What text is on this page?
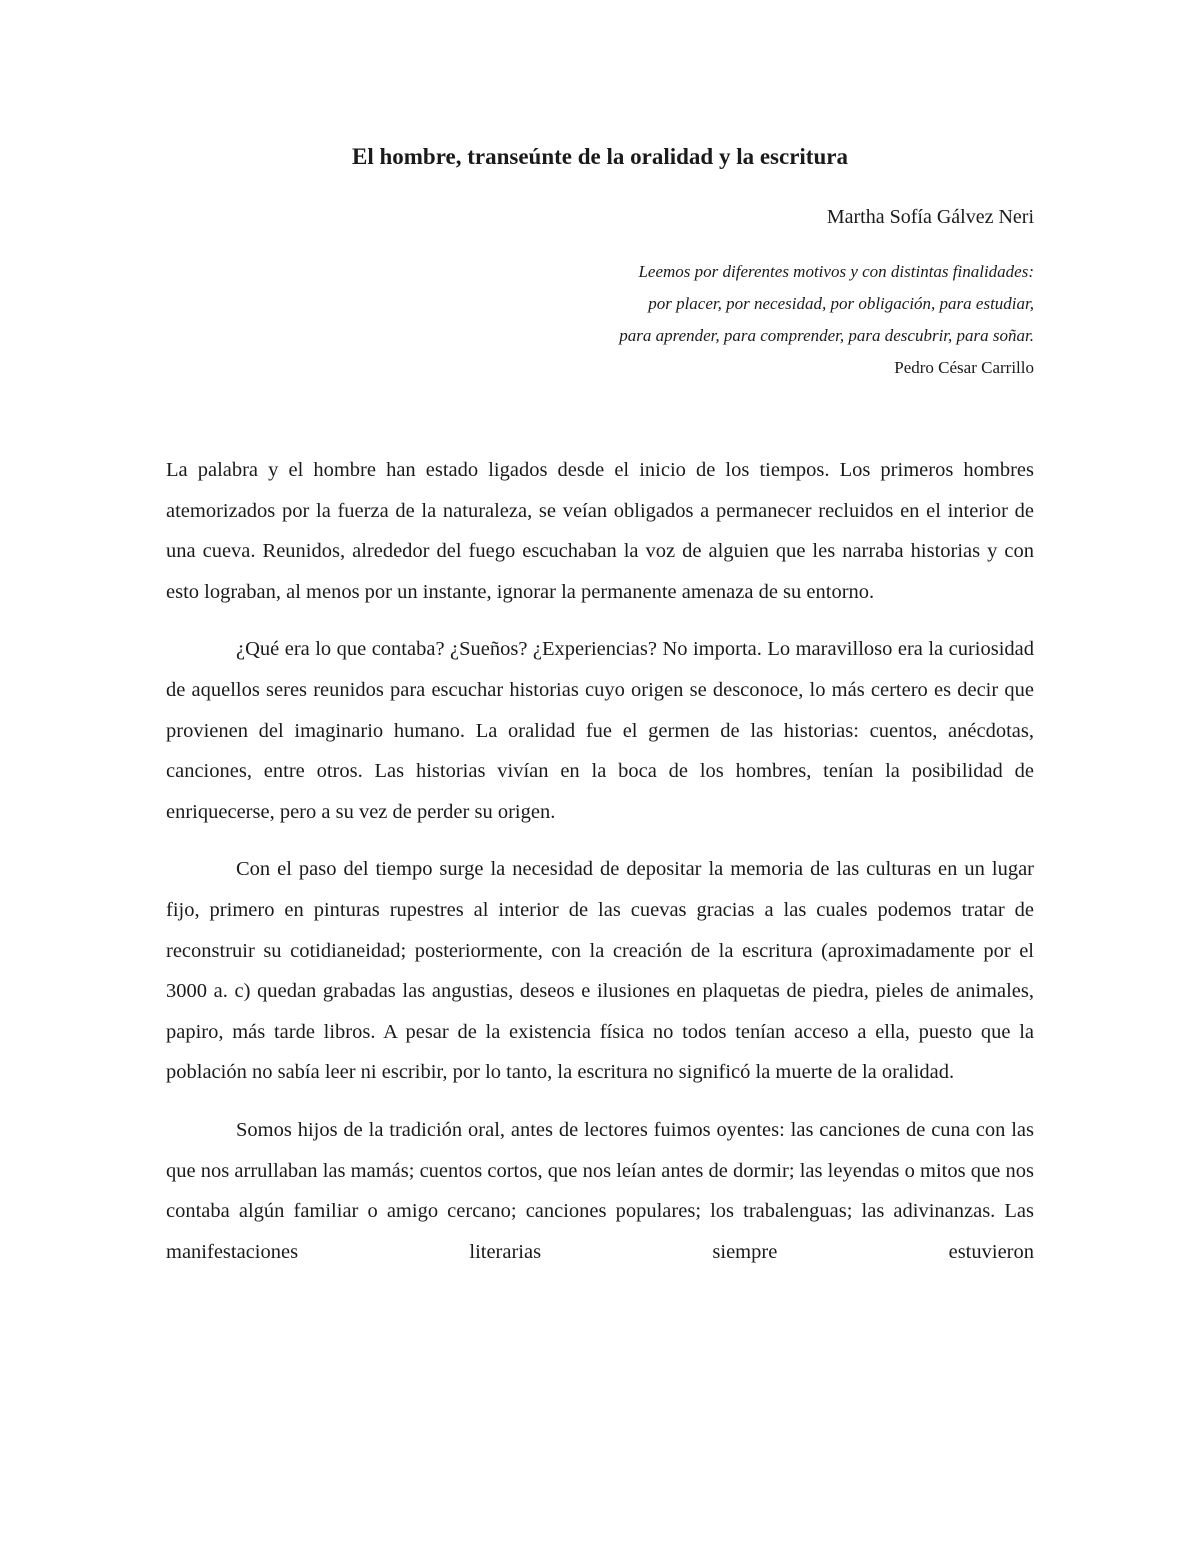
El hombre, transeúnte de la oralidad y la escritura

Martha Sofía Gálvez Neri

Leemos por diferentes motivos y con distintas finalidades:
por placer, por necesidad, por obligación, para estudiar,
para aprender, para comprender, para descubrir, para soñar.
Pedro César Carrillo

La palabra y el hombre han estado ligados desde el inicio de los tiempos. Los primeros hombres atemorizados por la fuerza de la naturaleza, se veían obligados a permanecer recluidos en el interior de una cueva. Reunidos, alrededor del fuego escuchaban la voz de alguien que les narraba historias y con esto lograban, al menos por un instante, ignorar la permanente amenaza de su entorno.

¿Qué era lo que contaba? ¿Sueños? ¿Experiencias? No importa. Lo maravilloso era la curiosidad de aquellos seres reunidos para escuchar historias cuyo origen se desconoce, lo más certero es decir que provienen del imaginario humano. La oralidad fue el germen de las historias: cuentos, anécdotas, canciones, entre otros. Las historias vivían en la boca de los hombres, tenían la posibilidad de enriquecerse, pero a su vez de perder su origen.

Con el paso del tiempo surge la necesidad de depositar la memoria de las culturas en un lugar fijo, primero en pinturas rupestres al interior de las cuevas gracias a las cuales podemos tratar de reconstruir su cotidianeidad; posteriormente, con la creación de la escritura (aproximadamente por el 3000 a. c) quedan grabadas las angustias, deseos e ilusiones en plaquetas de piedra, pieles de animales, papiro, más tarde libros. A pesar de la existencia física no todos tenían acceso a ella, puesto que la población no sabía leer ni escribir, por lo tanto, la escritura no significó la muerte de la oralidad.

Somos hijos de la tradición oral, antes de lectores fuimos oyentes: las canciones de cuna con las que nos arrullaban las mamás; cuentos cortos, que nos leían antes de dormir; las leyendas o mitos que nos contaba algún familiar o amigo cercano; canciones populares; los trabalenguas; las adivinanzas. Las manifestaciones literarias siempre estuvieron
